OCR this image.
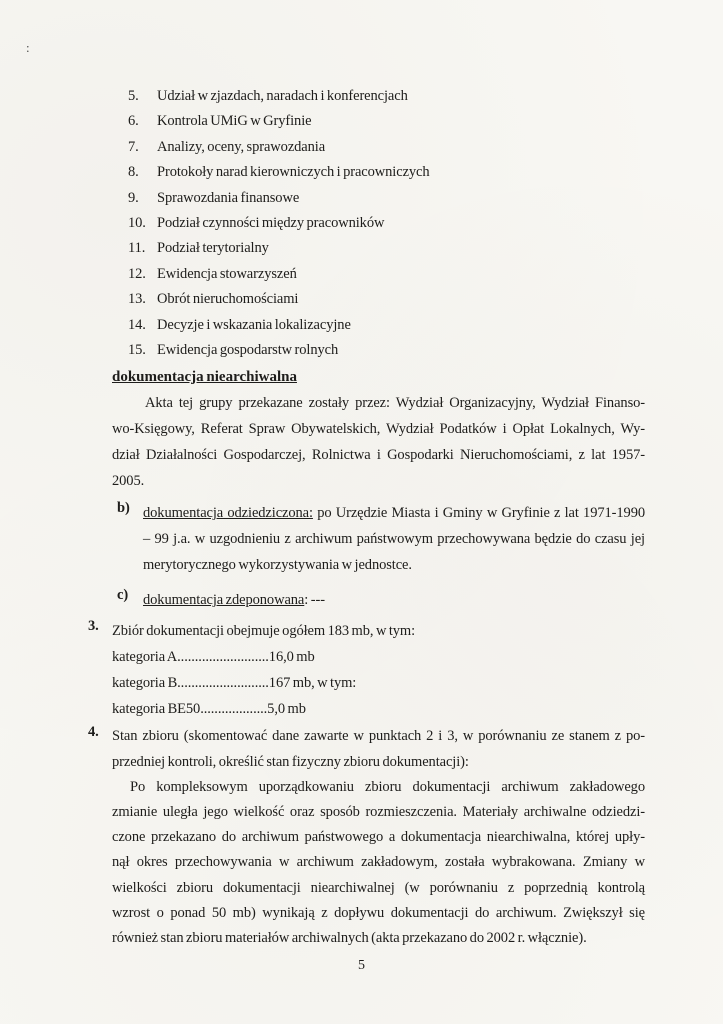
:
5.	Udział w zjazdach, naradach i konferencjach
6.	Kontrola UMiG w Gryfinie
7.	Analizy, oceny, sprawozdania
8.	Protokoły narad kierowniczych i pracowniczych
9.	Sprawozdania finansowe
10. Podział czynności między pracowników
11. Podział terytorialny
12. Ewidencja stowarzyszeń
13. Obrót nieruchomościami
14. Decyzje i wskazania lokalizacyjne
15. Ewidencja gospodarstw rolnych
dokumentacja niearchiwalna
Akta tej grupy przekazane zostały przez: Wydział Organizacyjny, Wydział Finanso-
wo-Księgowy, Referat Spraw Obywatelskich, Wydział Podatków i Opłat Lokalnych, Wy-
dział Działalności Gospodarczej, Rolnictwa i Gospodarki Nieruchomościami, z lat 1957-
2005.
b) dokumentacja odziedziczona: po Urzędzie Miasta i Gminy w Gryfinie z lat 1971-1990
– 99 j.a. w uzgodnieniu z archiwum państwowym przechowywana będzie do czasu jej
merytorycznego wykorzystywania w jednostce.
c)	dokumentacja zdeponowana: ---
3. Zbiór dokumentacji obejmuje ogółem 183 mb, w tym:
kategoria A..........................16,0 mb
kategoria B..........................167 mb, w tym:
kategoria BE50...................5,0 mb
4. Stan zbioru (skomentować dane zawarte w punktach 2 i 3, w porównaniu ze stanem z po-
przedniej kontroli, określić stan fizyczny zbioru dokumentacji):
Po kompleksowym uporządkowaniu zbioru dokumentacji archiwum zakładowego
zmianie uległa jego wielkość oraz sposób rozmieszczenia. Materiały archiwalne odziedzi-
czone przekazano do archiwum państwowego a dokumentacja niearchiwalna, której upły-
nął okres przechowywania w archiwum zakładowym, została wybrakowana. Zmiany w
wielkości zbioru dokumentacji niearchiwalnej (w porównaniu z poprzednią kontrolą
wzrost o ponad 50 mb) wynikają z dopływu dokumentacji do archiwum. Zwiększył się
również stan zbioru materiałów archiwalnych (akta przekazano do 2002 r. włącznie).
5
